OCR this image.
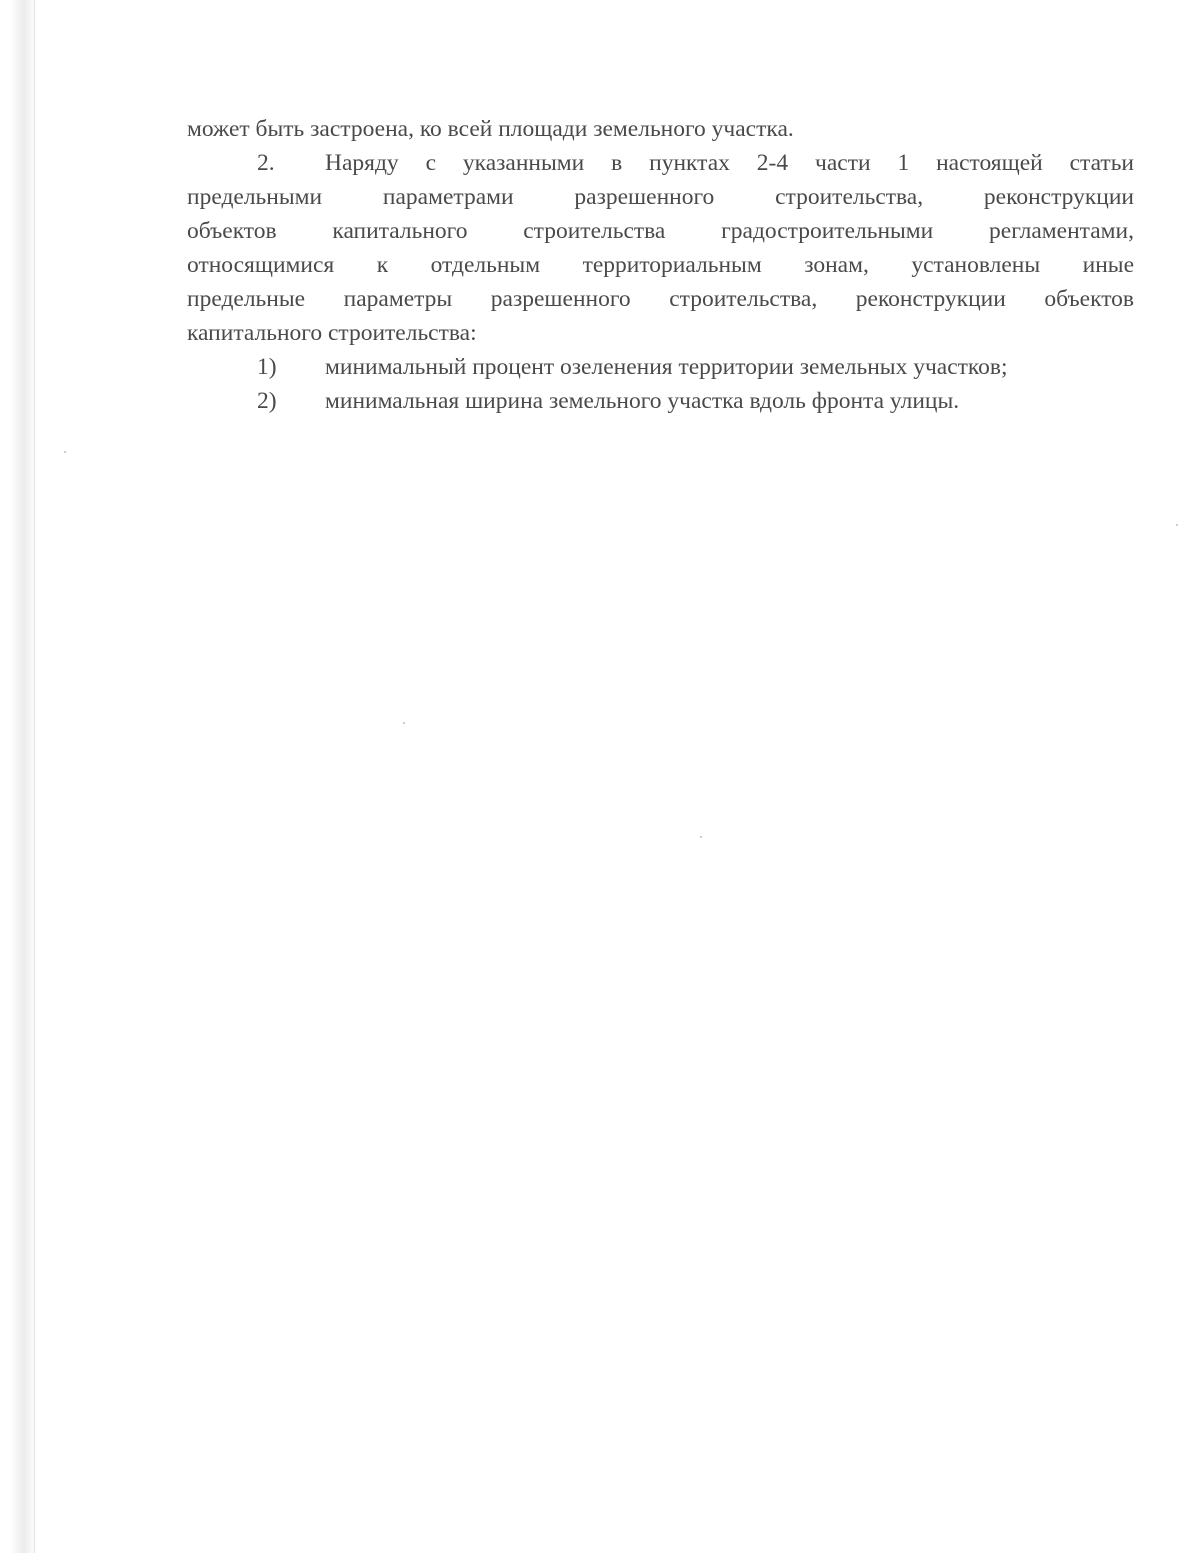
может быть застроена, ко всей площади земельного участка.
2.	Наряду с указанными в пунктах 2-4 части 1 настоящей статьи
предельными параметрами разрешенного строительства, реконструкции
объектов капитального строительства градостроительными регламентами,
относящимися к отдельным территориальным зонам, установлены иные
предельные параметры разрешенного строительства, реконструкции объектов
капитального строительства:
1)	минимальный процент озеленения территории земельных участков;
2)	минимальная ширина земельного участка вдоль фронта улицы.
